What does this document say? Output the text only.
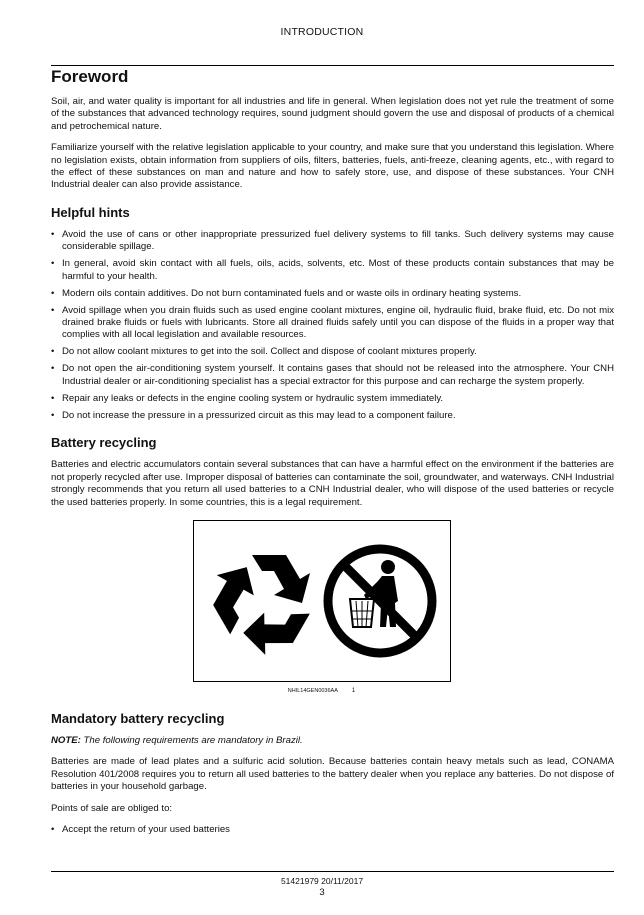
INTRODUCTION
Foreword

Soil, air, and water quality is important for all industries and life in general. When legislation does not yet rule the treatment of some of the substances that advanced technology requires, sound judgment should govern the use and disposal of products of a chemical and petrochemical nature.

Familiarize yourself with the relative legislation applicable to your country, and make sure that you understand this legislation. Where no legislation exists, obtain information from suppliers of oils, filters, batteries, fuels, anti-freeze, cleaning agents, etc., with regard to the effect of these substances on man and nature and how to safely store, use, and dispose of these substances. Your CNH Industrial dealer can also provide assistance.

Helpful hints
• Avoid the use of cans or other inappropriate pressurized fuel delivery systems to fill tanks. Such delivery systems may cause considerable spillage.
• In general, avoid skin contact with all fuels, oils, acids, solvents, etc. Most of these products contain substances that may be harmful to your health.
• Modern oils contain additives. Do not burn contaminated fuels and or waste oils in ordinary heating systems.
• Avoid spillage when you drain fluids such as used engine coolant mixtures, engine oil, hydraulic fluid, brake fluid, etc. Do not mix drained brake fluids or fuels with lubricants. Store all drained fluids safely until you can dispose of the fluids in a proper way that complies with all local legislation and available resources.
• Do not allow coolant mixtures to get into the soil. Collect and dispose of coolant mixtures properly.
• Do not open the air-conditioning system yourself. It contains gases that should not be released into the atmosphere. Your CNH Industrial dealer or air-conditioning specialist has a special extractor for this purpose and can recharge the system properly.
• Repair any leaks or defects in the engine cooling system or hydraulic system immediately.
• Do not increase the pressure in a pressurized circuit as this may lead to a component failure.
Battery recycling

Batteries and electric accumulators contain several substances that can have a harmful effect on the environment if the batteries are not properly recycled after use. Improper disposal of batteries can contaminate the soil, groundwater, and waterways. CNH Industrial strongly recommends that you return all used batteries to a CNH Industrial dealer, who will dispose of the used batteries or recycle the used batteries properly. In some countries, this is a legal requirement.

NHIL14GEN0036AA 1
Mandatory battery recycling

NOTE: The following requirements are mandatory in Brazil.

Batteries are made of lead plates and a sulfuric acid solution. Because batteries contain heavy metals such as lead, CONAMA Resolution 401/2008 requires you to return all used batteries to the battery dealer when you replace any batteries. Do not dispose of batteries in your household garbage.

Points of sale are obliged to:

• Accept the return of your used batteries
51421979 20/11/2017
3
